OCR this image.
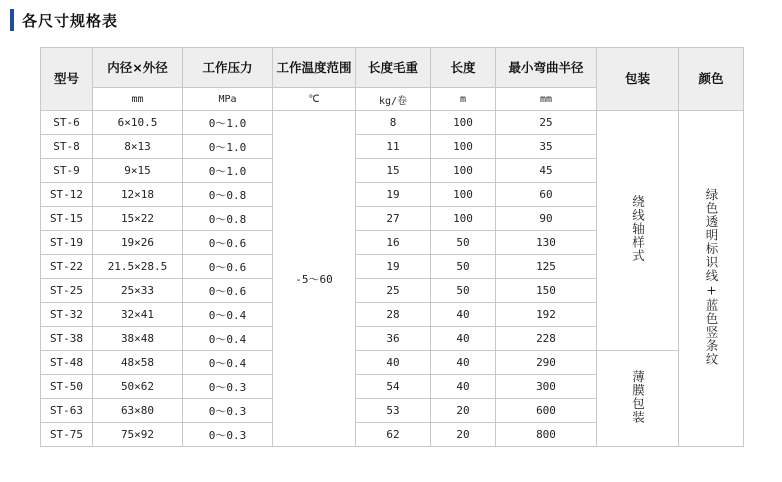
各尺寸规格表
型号	内径×外径	工作压力	工作温度范围	长度毛重	长度	最小弯曲半径	包装	颜色
	mm	MPa	℃	kg/卷	m	mm		
ST-6	6×10.5	0～1.0	-5～60	8	100	25	绕线轴样式	绿色透明标识线+蓝色竖条纹
ST-8	8×13	0～1.0		11	100	35		
ST-9	9×15	0～1.0		15	100	45		
ST-12	12×18	0～0.8		19	100	60		
ST-15	15×22	0～0.8		27	100	90		
ST-19	19×26	0～0.6		16	50	130		
ST-22	21.5×28.5	0～0.6		19	50	125		
ST-25	25×33	0～0.6		25	50	150		
ST-32	32×41	0～0.4		28	40	192		
ST-38	38×48	0～0.4		36	40	228		
ST-48	48×58	0～0.4		40	40	290	薄膜包装	
ST-50	50×62	0～0.3		54	40	300		
ST-63	63×80	0～0.3		53	20	600		
ST-75	75×92	0～0.3		62	20	800		
